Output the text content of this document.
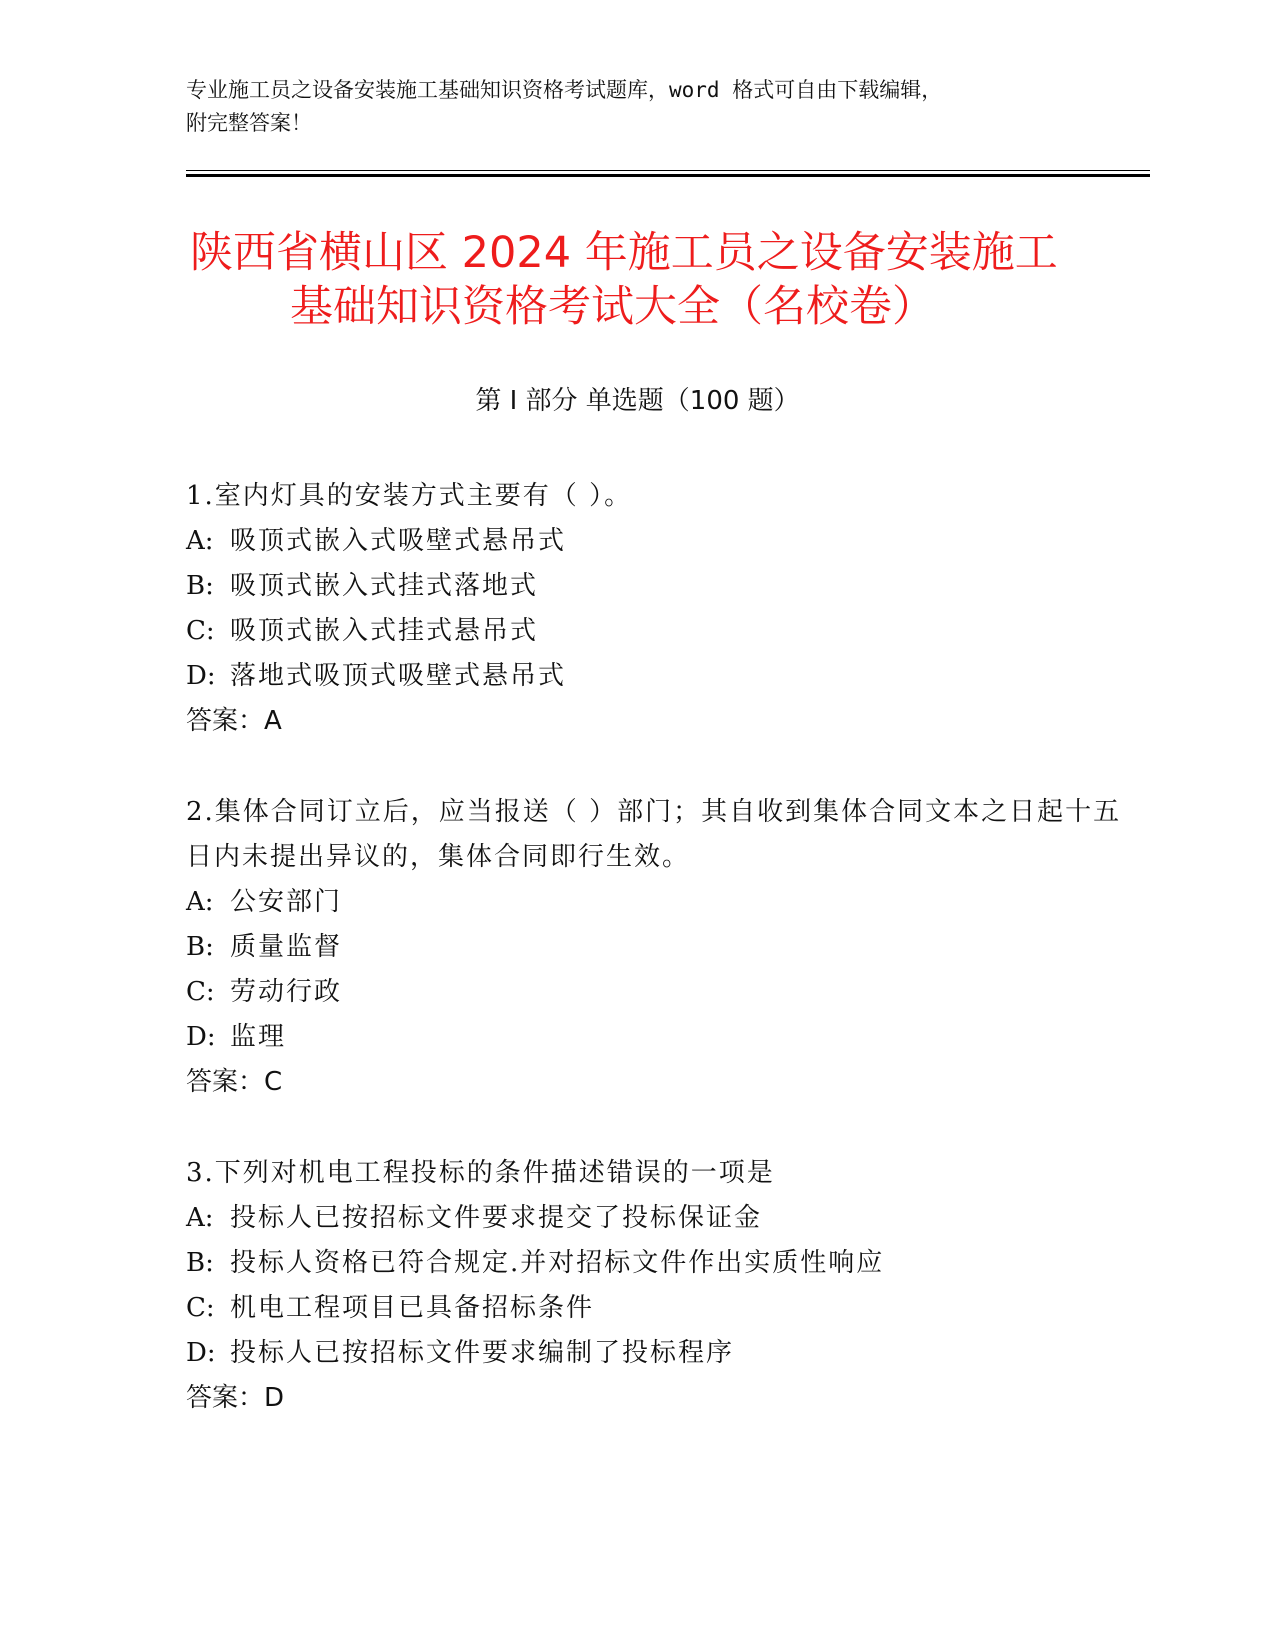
专业施工员之设备安装施工基础知识资格考试题库，word 格式可自由下载编辑，
附完整答案！
陕西省横山区 2024 年施工员之设备安装施工
基础知识资格考试大全（名校卷）
第 I 部分 单选题（100 题）
1.室内灯具的安装方式主要有（ ）。
A: 吸顶式嵌入式吸壁式悬吊式
B: 吸顶式嵌入式挂式落地式
C: 吸顶式嵌入式挂式悬吊式
D: 落地式吸顶式吸壁式悬吊式
答案：A
2.集体合同订立后，应当报送（ ）部门；其自收到集体合同文本之日起十五日内未提出异议的，集体合同即行生效。
A: 公安部门
B: 质量监督
C: 劳动行政
D: 监理
答案：C
3.下列对机电工程投标的条件描述错误的一项是
A: 投标人已按招标文件要求提交了投标保证金
B: 投标人资格已符合规定.并对招标文件作出实质性响应
C: 机电工程项目已具备招标条件
D: 投标人已按招标文件要求编制了投标程序
答案：D
